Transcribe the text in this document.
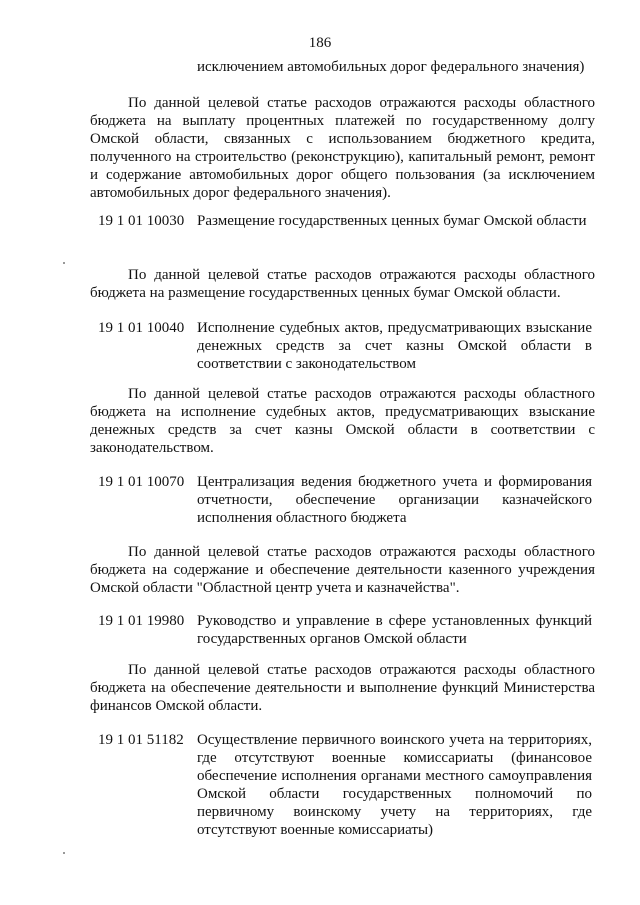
186
исключением автомобильных дорог федерального значения)
По данной целевой статье расходов отражаются расходы областного бюджета на выплату процентных платежей по государственному долгу Омской области, связанных с использованием бюджетного кредита, полученного на строительство (реконструкцию), капитальный ремонт, ремонт и содержание автомобильных дорог общего пользования (за исключением автомобильных дорог федерального значения).
19 1 01 10030 Размещение государственных ценных бумаг Омской области
По данной целевой статье расходов отражаются расходы областного бюджета на размещение государственных ценных бумаг Омской области.
19 1 01 10040 Исполнение судебных актов, предусматривающих взыскание денежных средств за счет казны Омской области в соответствии с законодательством
По данной целевой статье расходов отражаются расходы областного бюджета на исполнение судебных актов, предусматривающих взыскание денежных средств за счет казны Омской области в соответствии с законодательством.
19 1 01 10070 Централизация ведения бюджетного учета и формирования отчетности, обеспечение организации казначейского исполнения областного бюджета
По данной целевой статье расходов отражаются расходы областного бюджета на содержание и обеспечение деятельности казенного учреждения Омской области "Областной центр учета и казначейства".
19 1 01 19980 Руководство и управление в сфере установленных функций государственных органов Омской области
По данной целевой статье расходов отражаются расходы областного бюджета на обеспечение деятельности и выполнение функций Министерства финансов Омской области.
19 1 01 51182 Осуществление первичного воинского учета на территориях, где отсутствуют военные комиссариаты (финансовое обеспечение исполнения органами местного самоуправления Омской области государственных полномочий по первичному воинскому учету на территориях, где отсутствуют военные комиссариаты)
